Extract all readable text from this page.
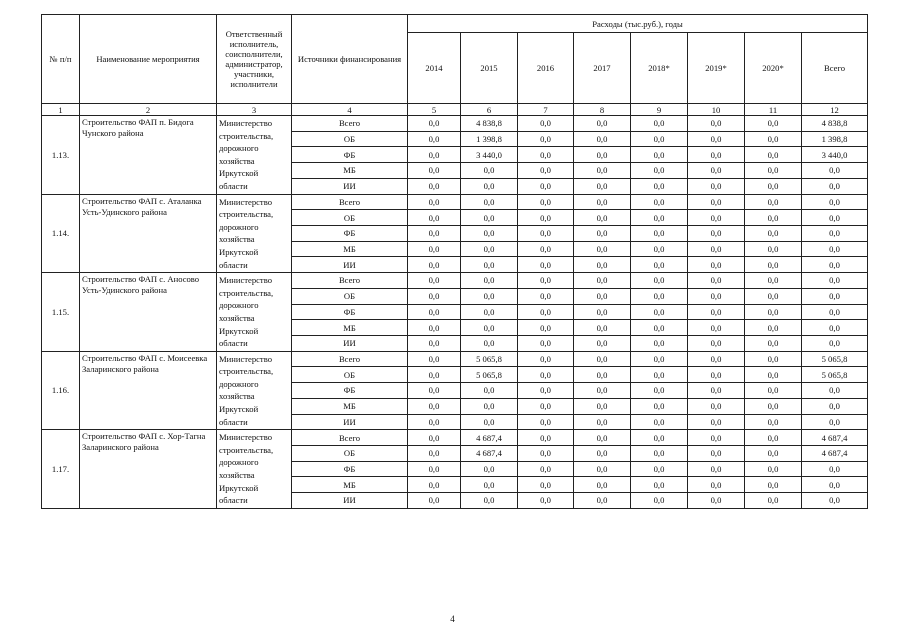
№ п/п	Наименование мероприятия	Ответственный исполнитель, соисполнители, администратор, участники, исполнители	Источники финансирования	Расходы (тыс.руб.), годы							
				2014	2015	2016	2017	2018*	2019*	2020*	Всего
1	2	3	4	5	6	7	8	9	10	11	12
1.13.	Строительство ФАП п. Бидога Чунского района	Министерство строительства, дорожного хозяйства Иркутской области	Всего	0,0	4 838,8	0,0	0,0	0,0	0,0	0,0	4 838,8
			ОБ	0,0	1 398,8	0,0	0,0	0,0	0,0	0,0	1 398,8
			ФБ	0,0	3 440,0	0,0	0,0	0,0	0,0	0,0	3 440,0
			МБ	0,0	0,0	0,0	0,0	0,0	0,0	0,0	0,0
			ИИ	0,0	0,0	0,0	0,0	0,0	0,0	0,0	0,0
1.14.	Строительство ФАП с. Аталанка Усть-Удинского района	Министерство строительства, дорожного хозяйства Иркутской области	Всего	0,0	0,0	0,0	0,0	0,0	0,0	0,0	0,0
			ОБ	0,0	0,0	0,0	0,0	0,0	0,0	0,0	0,0
			ФБ	0,0	0,0	0,0	0,0	0,0	0,0	0,0	0,0
			МБ	0,0	0,0	0,0	0,0	0,0	0,0	0,0	0,0
			ИИ	0,0	0,0	0,0	0,0	0,0	0,0	0,0	0,0
1.15.	Строительство ФАП с. Аносово Усть-Удинского района	Министерство строительства, дорожного хозяйства Иркутской области	Всего	0,0	0,0	0,0	0,0	0,0	0,0	0,0	0,0
			ОБ	0,0	0,0	0,0	0,0	0,0	0,0	0,0	0,0
			ФБ	0,0	0,0	0,0	0,0	0,0	0,0	0,0	0,0
			МБ	0,0	0,0	0,0	0,0	0,0	0,0	0,0	0,0
			ИИ	0,0	0,0	0,0	0,0	0,0	0,0	0,0	0,0
1.16.	Строительство ФАП с. Моисеевка Заларинского района	Министерство строительства, дорожного хозяйства Иркутской области	Всего	0,0	5 065,8	0,0	0,0	0,0	0,0	0,0	5 065,8
			ОБ	0,0	5 065,8	0,0	0,0	0,0	0,0	0,0	5 065,8
			ФБ	0,0	0,0	0,0	0,0	0,0	0,0	0,0	0,0
			МБ	0,0	0,0	0,0	0,0	0,0	0,0	0,0	0,0
			ИИ	0,0	0,0	0,0	0,0	0,0	0,0	0,0	0,0
1.17.	Строительство ФАП с. Хор-Тагна Заларинского района	Министерство строительства, дорожного хозяйства Иркутской области	Всего	0,0	4 687,4	0,0	0,0	0,0	0,0	0,0	4 687,4
			ОБ	0,0	4 687,4	0,0	0,0	0,0	0,0	0,0	4 687,4
			ФБ	0,0	0,0	0,0	0,0	0,0	0,0	0,0	0,0
			МБ	0,0	0,0	0,0	0,0	0,0	0,0	0,0	0,0
			ИИ	0,0	0,0	0,0	0,0	0,0	0,0	0,0	0,0
4
